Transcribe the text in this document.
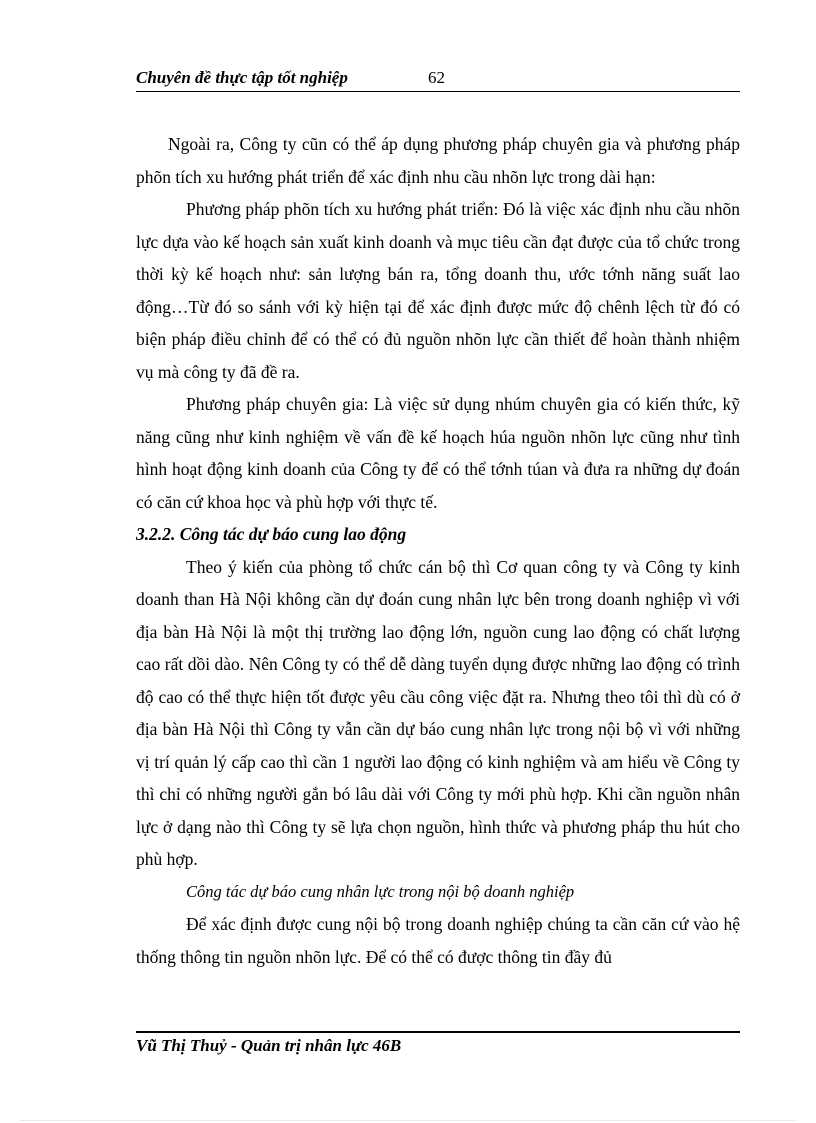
Chuyên đề thực tập tốt nghiệp	62

Ngoài ra, Công ty cũn có thể áp dụng phương pháp chuyên gia và phương pháp phõn tích xu hướng phát triển để xác định nhu cầu nhõn lực trong dài hạn:

Phương pháp phõn tích xu hướng phát triển: Đó là việc xác định nhu cầu nhõn lực dựa vào kế hoạch sản xuất kinh doanh và mục tiêu cần đạt được của tổ chức trong thời kỳ kế hoạch như: sản lượng bán ra, tổng doanh thu, ước tớnh năng suất lao động…Từ đó so sánh với kỳ hiện tại để xác định được mức độ chênh lệch từ đó có biện pháp điều chỉnh để có thể có đủ nguồn nhõn lực cần thiết để hoàn thành nhiệm vụ mà công ty đã đề ra.

Phương pháp chuyên gia: Là việc sử dụng nhúm chuyên gia có kiến thức, kỹ năng cũng như kinh nghiệm về vấn đề kế hoạch húa nguồn nhõn lực cũng như tình hình hoạt động kinh doanh của Công ty để có thể tớnh túan và đưa ra những dự đoán có căn cứ khoa học và phù hợp với thực tế.

3.2.2. Công tác dự báo cung lao động

Theo ý kiến của phòng tổ chức cán bộ thì Cơ quan công ty và Công ty kinh doanh than Hà Nội không cần dự đoán cung nhân lực bên trong doanh nghiệp vì với địa bàn Hà Nội là một thị trường lao động lớn, nguồn cung lao động có chất lượng cao rất dồi dào. Nên Công ty có thể dễ dàng tuyển dụng được những lao động có trình độ cao có thể thực hiện tốt được yêu cầu công việc đặt ra. Nhưng theo tôi thì dù có ở địa bàn Hà Nội thì Công ty vẫn cần dự báo cung nhân lực trong nội bộ vì với những vị trí quản lý cấp cao thì cần 1 người lao động có kinh nghiệm và am hiểu về Công ty thì chỉ có những người gắn bó lâu dài với Công ty mới phù hợp. Khi cần nguồn nhân lực ở dạng nào thì Công ty sẽ lựa chọn nguồn, hình thức và phương pháp thu hút cho phù hợp.

Công tác dự báo cung nhân lực trong nội bộ doanh nghiệp

Để xác định được cung nội bộ trong doanh nghiệp chúng ta cần căn cứ vào hệ thống thông tin nguồn nhõn lực. Để có thể có được thông tin đầy đủ

Vũ Thị Thuỷ - Quản trị nhân lực 46B
